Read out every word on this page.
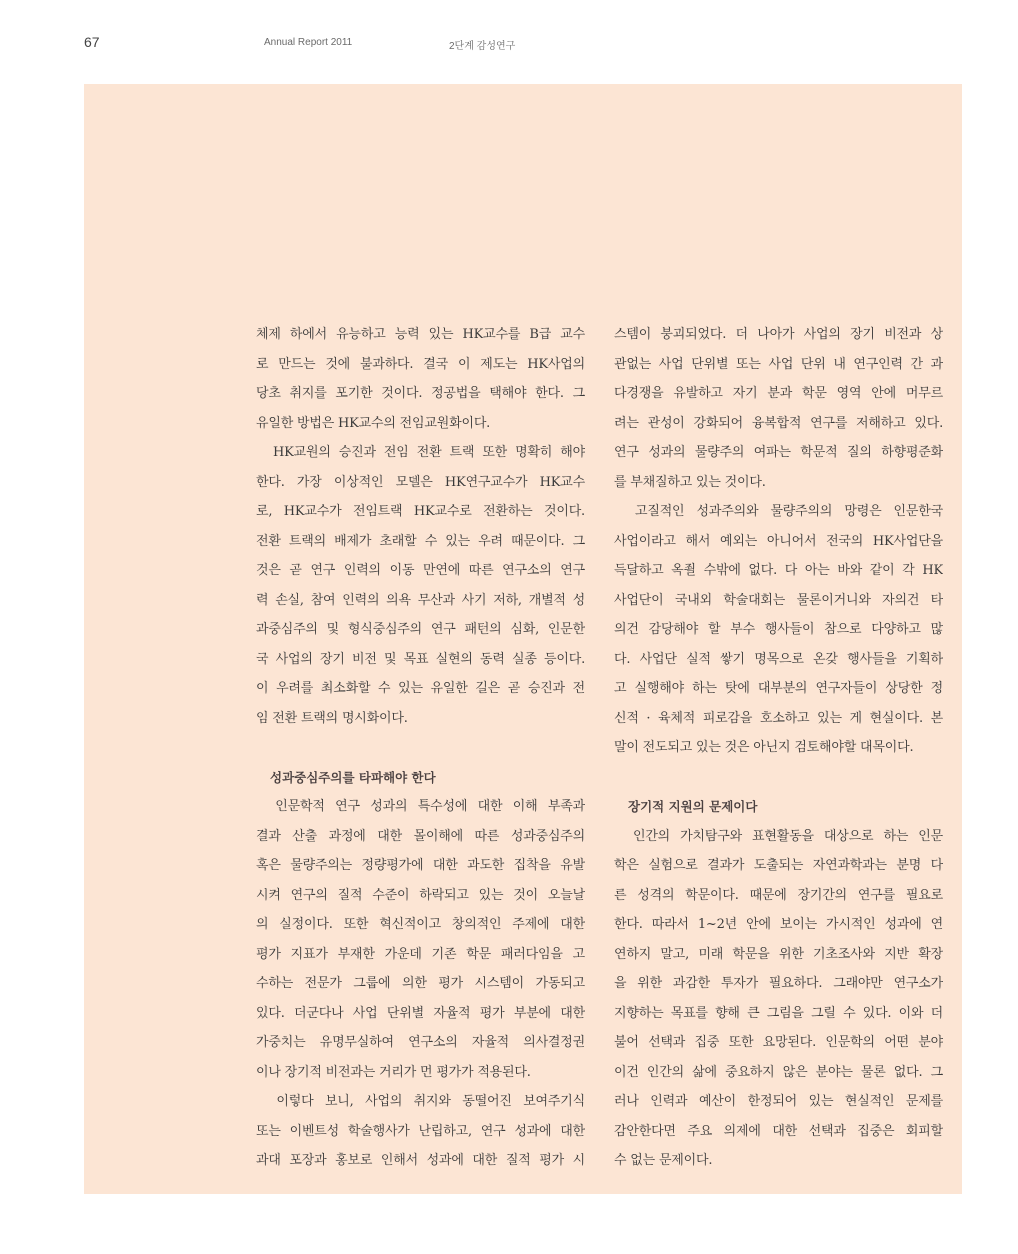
67	Annual Report 2011	2단계 감성연구
체제 하에서 유능하고 능력 있는 HK교수를 B급 교수
로 만드는 것에 불과하다. 결국 이 제도는 HK사업의
당초 취지를 포기한 것이다. 정공법을 택해야 한다. 그
유일한 방법은 HK교수의 전임교원화이다.
　HK교원의 승진과 전임 전환 트랙 또한 명확히 해야
한다. 가장 이상적인 모델은 HK연구교수가 HK교수
로, HK교수가 전임트랙 HK교수로 전환하는 것이다.
전환 트랙의 배제가 초래할 수 있는 우려 때문이다. 그
것은 곧 연구 인력의 이동 만연에 따른 연구소의 연구
력 손실, 참여 인력의 의욕 무산과 사기 저하, 개별적 성
과중심주의 및 형식중심주의 연구 패턴의 심화, 인문한
국 사업의 장기 비전 및 목표 실현의 동력 실종 등이다.
이 우려를 최소화할 수 있는 유일한 길은 곧 승진과 전
임 전환 트랙의 명시화이다.
성과중심주의를 타파해야 한다
　인문학적 연구 성과의 특수성에 대한 이해 부족과
결과 산출 과정에 대한 몰이해에 따른 성과중심주의
혹은 물량주의는 정량평가에 대한 과도한 집착을 유발
시켜 연구의 질적 수준이 하락되고 있는 것이 오늘날
의 실정이다. 또한 혁신적이고 창의적인 주제에 대한
평가 지표가 부재한 가운데 기존 학문 패러다임을 고
수하는 전문가 그룹에 의한 평가 시스템이 가동되고
있다. 더군다나 사업 단위별 자율적 평가 부분에 대한
가중치는 유명무실하여 연구소의 자율적 의사결정권
이나 장기적 비전과는 거리가 먼 평가가 적용된다.
　이렇다 보니, 사업의 취지와 동떨어진 보여주기식
또는 이벤트성 학술행사가 난립하고, 연구 성과에 대한
과대 포장과 홍보로 인해서 성과에 대한 질적 평가 시
스템이 붕괴되었다. 더 나아가 사업의 장기 비전과 상
관없는 사업 단위별 또는 사업 단위 내 연구인력 간 과
다경쟁을 유발하고 자기 분과 학문 영역 안에 머무르
려는 관성이 강화되어 융복합적 연구를 저해하고 있다.
연구 성과의 물량주의 여파는 학문적 질의 하향평준화
를 부채질하고 있는 것이다.
　고질적인 성과주의와 물량주의의 망령은 인문한국
사업이라고 해서 예외는 아니어서 전국의 HK사업단을
득달하고 옥죌 수밖에 없다. 다 아는 바와 같이 각 HK
사업단이 국내외 학술대회는 물론이거니와 자의건 타
의건 감당해야 할 부수 행사들이 참으로 다양하고 많
다. 사업단 실적 쌓기 명목으로 온갖 행사들을 기획하
고 실행해야 하는 탓에 대부분의 연구자들이 상당한 정
신적 · 육체적 피로감을 호소하고 있는 게 현실이다. 본
말이 전도되고 있는 것은 아닌지 검토해야할 대목이다.
장기적 지원의 문제이다
　인간의 가치탐구와 표현활동을 대상으로 하는 인문
학은 실험으로 결과가 도출되는 자연과학과는 분명 다
른 성격의 학문이다. 때문에 장기간의 연구를 필요로
한다. 따라서 1~2년 안에 보이는 가시적인 성과에 연
연하지 말고, 미래 학문을 위한 기초조사와 지반 확장
을 위한 과감한 투자가 필요하다. 그래야만 연구소가
지향하는 목표를 향해 큰 그림을 그릴 수 있다. 이와 더
불어 선택과 집중 또한 요망된다. 인문학의 어떤 분야
이건 인간의 삶에 중요하지 않은 분야는 물론 없다. 그
러나 인력과 예산이 한정되어 있는 현실적인 문제를
감안한다면 주요 의제에 대한 선택과 집중은 회피할
수 없는 문제이다.
